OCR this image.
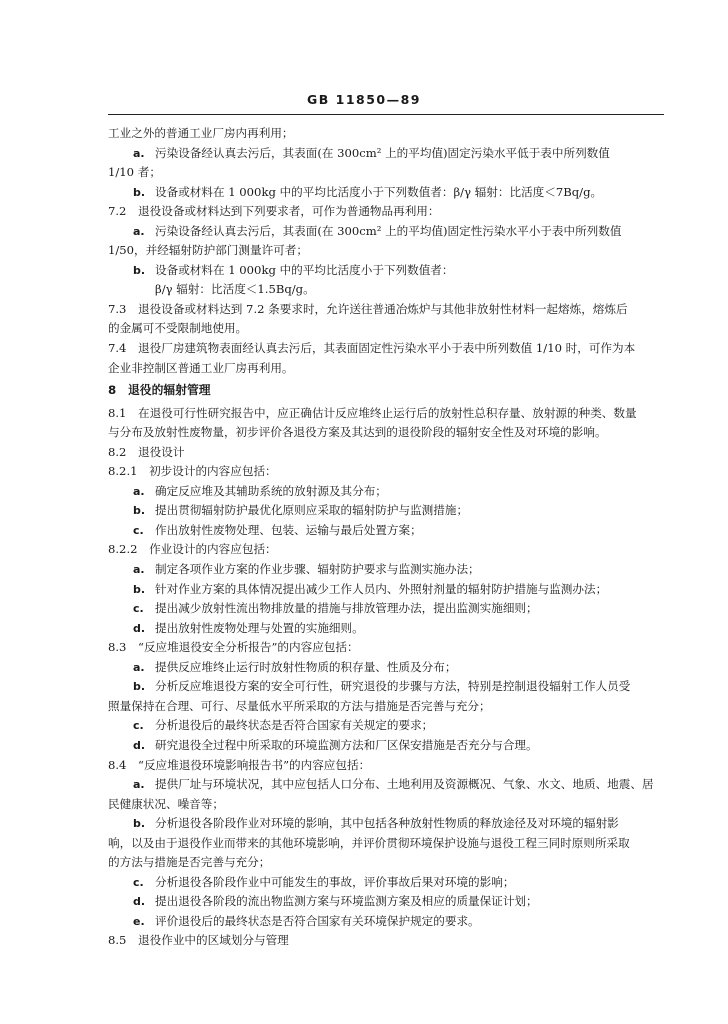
GB 11850—89
工业之外的普通工业厂房内再利用；
a. 污染设备经认真去污后，其表面(在 300cm² 上的平均值)固定污染水平低于表中所列数值
1/10 者；
b. 设备或材料在 1 000kg 中的平均比活度小于下列数值者：β/γ 辐射：比活度＜7Bq/g。
7.2　退役设备或材料达到下列要求者，可作为普通物品再利用：
a. 污染设备经认真去污后，其表面(在 300cm² 上的平均值)固定性污染水平小于表中所列数值
1/50，并经辐射防护部门测量许可者；
b. 设备或材料在 1 000kg 中的平均比活度小于下列数值者：
β/γ 辐射：比活度＜1.5Bq/g。
7.3　退役设备或材料达到 7.2 条要求时，允许送往普通冶炼炉与其他非放射性材料一起熔炼，熔炼后
的金属可不受限制地使用。
7.4　退役厂房建筑物表面经认真去污后，其表面固定性污染水平小于表中所列数值 1/10 时，可作为本
企业非控制区普通工业厂房再利用。
8　退役的辐射管理
8.1　在退役可行性研究报告中，应正确估计反应堆终止运行后的放射性总积存量、放射源的种类、数量
与分布及放射性废物量，初步评价各退役方案及其达到的退役阶段的辐射安全性及对环境的影响。
8.2　退役设计
8.2.1　初步设计的内容应包括：
a. 确定反应堆及其辅助系统的放射源及其分布；
b. 提出贯彻辐射防护最优化原则应采取的辐射防护与监测措施；
c. 作出放射性废物处理、包装、运输与最后处置方案；
8.2.2　作业设计的内容应包括：
a. 制定各项作业方案的作业步骤、辐射防护要求与监测实施办法；
b. 针对作业方案的具体情况提出减少工作人员内、外照射剂量的辐射防护措施与监测办法；
c. 提出减少放射性流出物排放量的措施与排放管理办法，提出监测实施细则；
d. 提出放射性废物处理与处置的实施细则。
8.3　“反应堆退役安全分析报告”的内容应包括：
a. 提供反应堆终止运行时放射性物质的积存量、性质及分布；
b. 分析反应堆退役方案的安全可行性，研究退役的步骤与方法，特别是控制退役辐射工作人员受
照量保持在合理、可行、尽量低水平所采取的方法与措施是否完善与充分；
c. 分析退役后的最终状态是否符合国家有关规定的要求；
d. 研究退役全过程中所采取的环境监测方法和厂区保安措施是否充分与合理。
8.4　“反应堆退役环境影响报告书”的内容应包括：
a. 提供厂址与环境状况，其中应包括人口分布、土地利用及资源概况、气象、水文、地质、地震、居
民健康状况、噪音等；
b. 分析退役各阶段作业对环境的影响，其中包括各种放射性物质的释放途径及对环境的辐射影
响，以及由于退役作业而带来的其他环境影响，并评价贯彻环境保护设施与退役工程三同时原则所采取
的方法与措施是否完善与充分；
c. 分析退役各阶段作业中可能发生的事故，评价事故后果对环境的影响；
d. 提出退役各阶段的流出物监测方案与环境监测方案及相应的质量保证计划；
e. 评价退役后的最终状态是否符合国家有关环境保护规定的要求。
8.5　退役作业中的区域划分与管理
